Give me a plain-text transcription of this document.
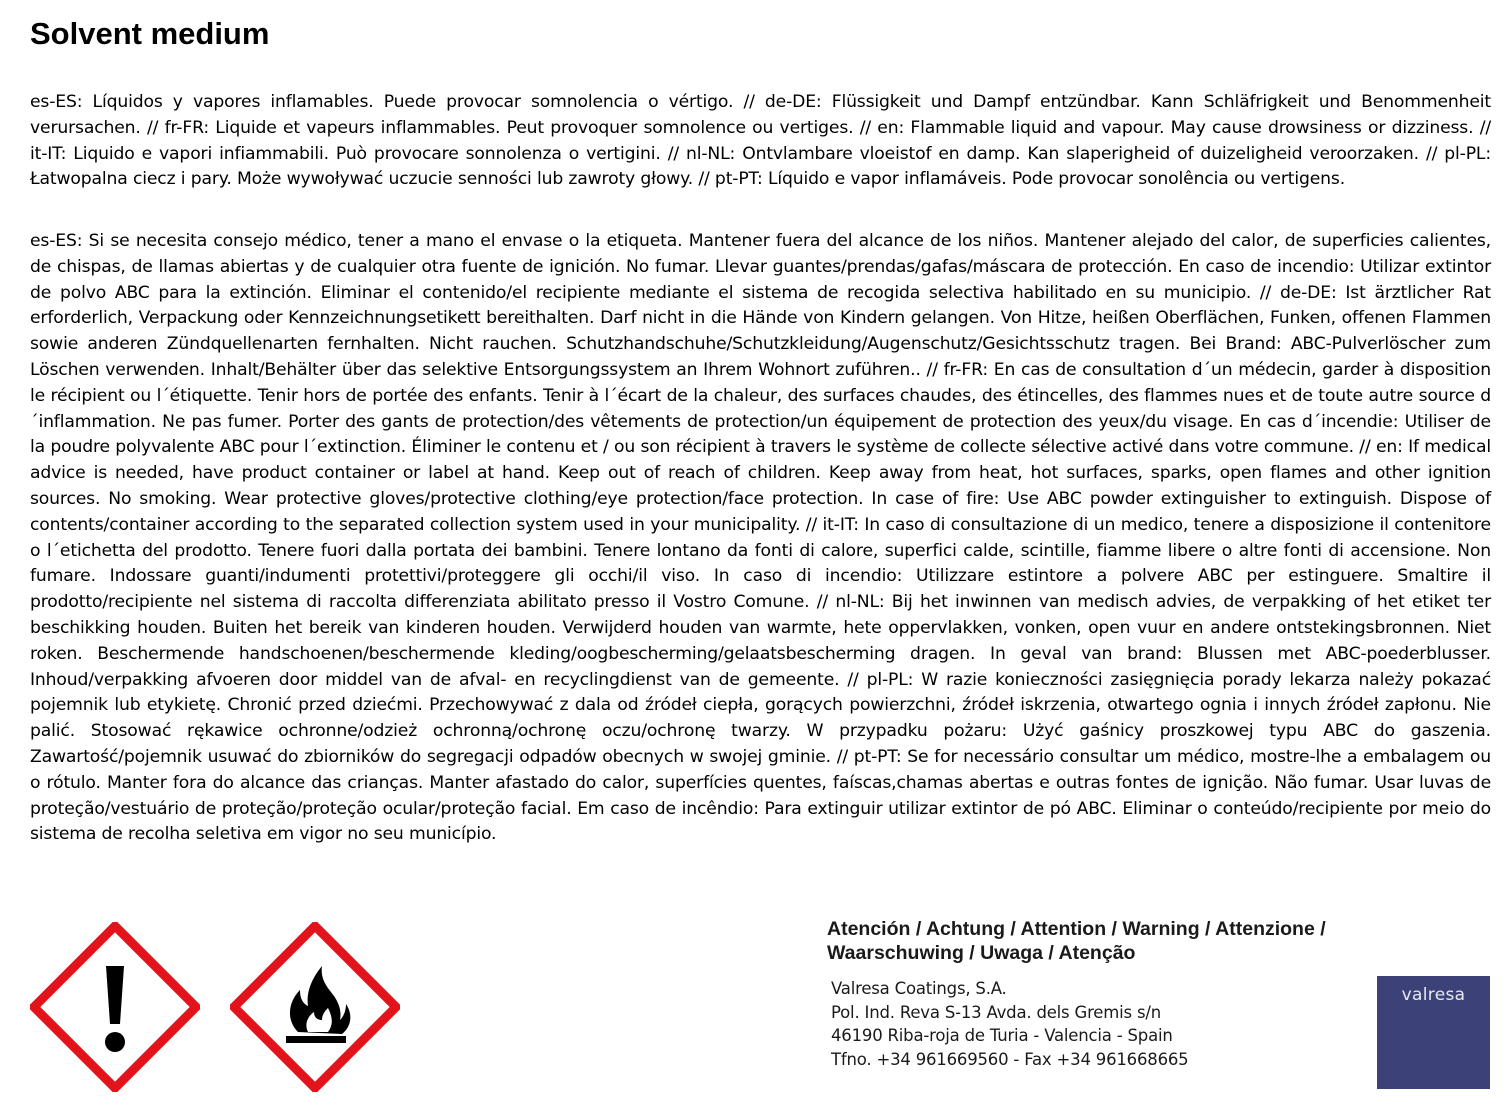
Solvent medium

es-ES: Líquidos y vapores inflamables. Puede provocar somnolencia o vértigo. // de-DE: Flüssigkeit und Dampf entzündbar. Kann Schläfrigkeit und Benommenheit verursachen. // fr-FR: Liquide et vapeurs inflammables. Peut provoquer somnolence ou vertiges. // en: Flammable liquid and vapour. May cause drowsiness or dizziness. // it-IT: Liquido e vapori infiammabili. Può provocare sonnolenza o vertigini. // nl-NL: Ontvlambare vloeistof en damp. Kan slaperigheid of duizeligheid veroorzaken. // pl-PL: Łatwopalna ciecz i pary. Może wywoływać uczucie senności lub zawroty głowy. // pt-PT: Líquido e vapor inflamáveis. Pode provocar sonolência ou vertigens.

es-ES: Si se necesita consejo médico, tener a mano el envase o la etiqueta. Mantener fuera del alcance de los niños. Mantener alejado del calor, de superficies calientes, de chispas, de llamas abiertas y de cualquier otra fuente de ignición. No fumar. Llevar guantes/prendas/gafas/máscara de protección. En caso de incendio: Utilizar extintor de polvo ABC para la extinción. Eliminar el contenido/el recipiente mediante el sistema de recogida selectiva habilitado en su municipio. // de-DE: Ist ärztlicher Rat erforderlich, Verpackung oder Kennzeichnungsetikett bereithalten. Darf nicht in die Hände von Kindern gelangen. Von Hitze, heißen Oberflächen, Funken, offenen Flammen sowie anderen Zündquellenarten fernhalten. Nicht rauchen. Schutzhandschuhe/Schutzkleidung/Augenschutz/Gesichtsschutz tragen. Bei Brand: ABC-Pulverlöscher zum Löschen verwenden. Inhalt/Behälter über das selektive Entsorgungssystem an Ihrem Wohnort zuführen.. // fr-FR: En cas de consultation d´un médecin, garder à disposition le récipient ou l´étiquette. Tenir hors de portée des enfants. Tenir à l´écart de la chaleur, des surfaces chaudes, des étincelles, des flammes nues et de toute autre source d´inflammation. Ne pas fumer. Porter des gants de protection/des vêtements de protection/un équipement de protection des yeux/du visage. En cas d´incendie: Utiliser de la poudre polyvalente ABC pour l´extinction. Éliminer le contenu et / ou son récipient à travers le système de collecte sélective activé dans votre commune. // en: If medical advice is needed, have product container or label at hand. Keep out of reach of children. Keep away from heat, hot surfaces, sparks, open flames and other ignition sources. No smoking. Wear protective gloves/protective clothing/eye protection/face protection. In case of fire: Use ABC powder extinguisher to extinguish. Dispose of contents/container according to the separated collection system used in your municipality. // it-IT: In caso di consultazione di un medico, tenere a disposizione il contenitore o l´etichetta del prodotto. Tenere fuori dalla portata dei bambini. Tenere lontano da fonti di calore, superfici calde, scintille, fiamme libere o altre fonti di accensione. Non fumare. Indossare guanti/indumenti protettivi/proteggere gli occhi/il viso. In caso di incendio: Utilizzare estintore a polvere ABC per estinguere. Smaltire il prodotto/recipiente nel sistema di raccolta differenziata abilitato presso il Vostro Comune. // nl-NL: Bij het inwinnen van medisch advies, de verpakking of het etiket ter beschikking houden. Buiten het bereik van kinderen houden. Verwijderd houden van warmte, hete oppervlakken, vonken, open vuur en andere ontstekingsbronnen. Niet roken. Beschermende handschoenen/beschermende kleding/oogbescherming/gelaatsbescherming dragen. In geval van brand: Blussen met ABC-poederblusser. Inhoud/verpakking afvoeren door middel van de afval- en recyclingdienst van de gemeente. // pl-PL: W razie konieczności zasięgnięcia porady lekarza należy pokazać pojemnik lub etykietę. Chronić przed dziećmi. Przechowywać z dala od źródeł ciepła, gorących powierzchni, źródeł iskrzenia, otwartego ognia i innych źródeł zapłonu. Nie palić. Stosować rękawice ochronne/odzież ochronną/ochronę oczu/ochronę twarzy. W przypadku pożaru: Użyć gaśnicy proszkowej typu ABC do gaszenia. Zawartość/pojemnik usuwać do zbiorników do segregacji odpadów obecnych w swojej gminie. // pt-PT: Se for necessário consultar um médico, mostre-lhe a embalagem ou o rótulo. Manter fora do alcance das crianças. Manter afastado do calor, superfícies quentes, faíscas,chamas abertas e outras fontes de ignição. Não fumar. Usar luvas de proteção/vestuário de proteção/proteção ocular/proteção facial. Em caso de incêndio: Para extinguir utilizar extintor de pó ABC. Eliminar o conteúdo/recipiente por meio do sistema de recolha seletiva em vigor no seu município.

Atención / Achtung / Attention / Warning / Attenzione / Waarschuwing / Uwaga / Atenção
Valresa Coatings, S.A.
Pol. Ind. Reva S-13 Avda. dels Gremis s/n
46190 Riba-roja de Turia - Valencia - Spain
Tfno. +34 961669560 - Fax +34 961668665
valresa
